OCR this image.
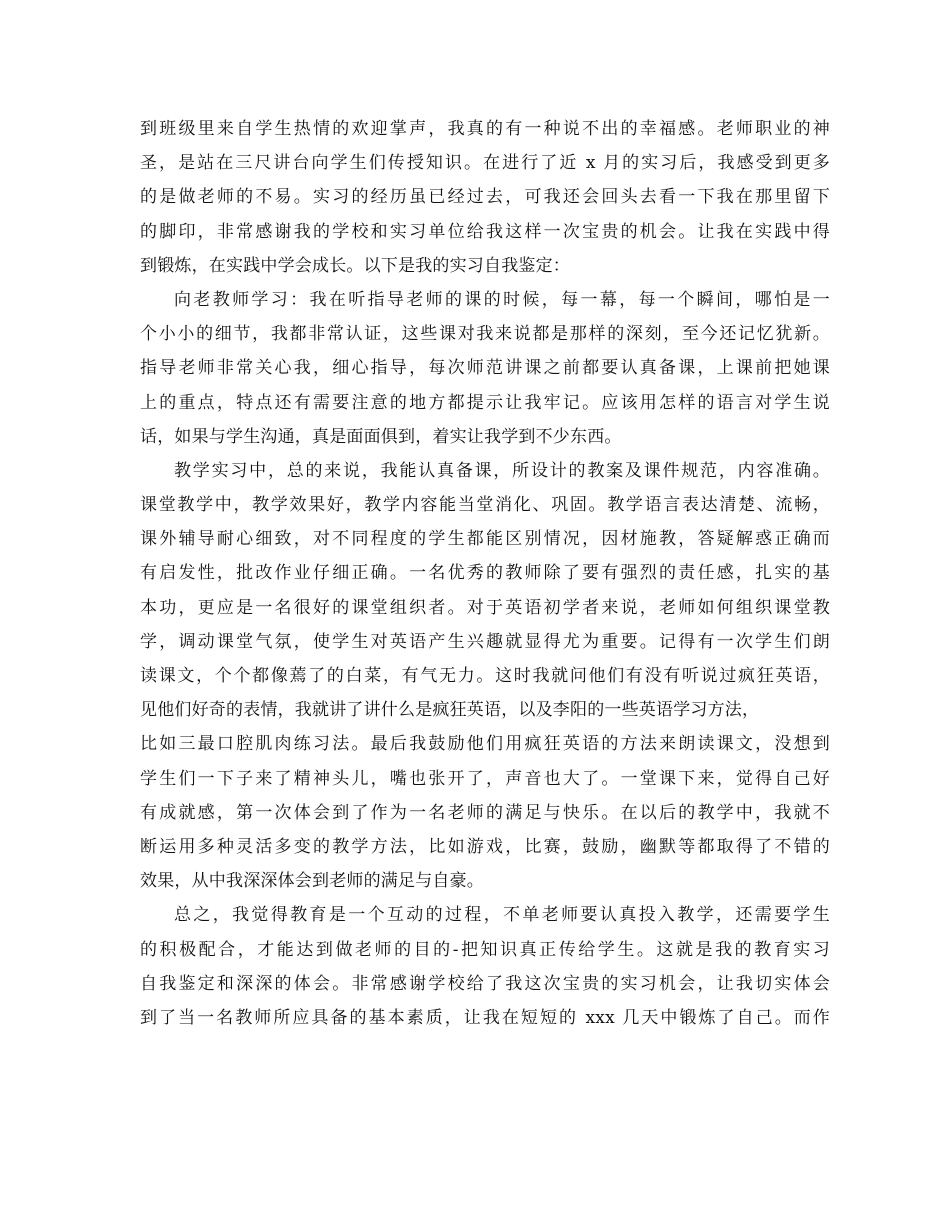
到班级里来自学生热情的欢迎掌声，我真的有一种说不出的幸福感。老师职业的神
圣，是站在三尺讲台向学生们传授知识。在进行了近 x 月的实习后，我感受到更多
的是做老师的不易。实习的经历虽已经过去，可我还会回头去看一下我在那里留下
的脚印，非常感谢我的学校和实习单位给我这样一次宝贵的机会。让我在实践中得
到锻炼，在实践中学会成长。以下是我的实习自我鉴定：
向老教师学习：我在听指导老师的课的时候，每一幕，每一个瞬间，哪怕是一
个小小的细节，我都非常认证，这些课对我来说都是那样的深刻，至今还记忆犹新。
指导老师非常关心我，细心指导，每次师范讲课之前都要认真备课，上课前把她课
上的重点，特点还有需要注意的地方都提示让我牢记。应该用怎样的语言对学生说
话，如果与学生沟通，真是面面俱到，着实让我学到不少东西。
教学实习中，总的来说，我能认真备课，所设计的教案及课件规范，内容准确。
课堂教学中，教学效果好，教学内容能当堂消化、巩固。教学语言表达清楚、流畅，
课外辅导耐心细致，对不同程度的学生都能区别情况，因材施教，答疑解惑正确而
有启发性，批改作业仔细正确。一名优秀的教师除了要有强烈的责任感，扎实的基
本功，更应是一名很好的课堂组织者。对于英语初学者来说，老师如何组织课堂教
学，调动课堂气氛，使学生对英语产生兴趣就显得尤为重要。记得有一次学生们朗
读课文，个个都像蔫了的白菜，有气无力。这时我就问他们有没有听说过疯狂英语，
见他们好奇的表情，我就讲了讲什么是疯狂英语，以及李阳的一些英语学习方法，
比如三最口腔肌肉练习法。最后我鼓励他们用疯狂英语的方法来朗读课文，没想到
学生们一下子来了精神头儿，嘴也张开了，声音也大了。一堂课下来，觉得自己好
有成就感，第一次体会到了作为一名老师的满足与快乐。在以后的教学中，我就不
断运用多种灵活多变的教学方法，比如游戏，比赛，鼓励，幽默等都取得了不错的
效果，从中我深深体会到老师的满足与自豪。
总之，我觉得教育是一个互动的过程，不单老师要认真投入教学，还需要学生
的积极配合，才能达到做老师的目的-把知识真正传给学生。这就是我的教育实习
自我鉴定和深深的体会。非常感谢学校给了我这次宝贵的实习机会，让我切实体会
到了当一名教师所应具备的基本素质，让我在短短的 xxx 几天中锻炼了自己。而作
